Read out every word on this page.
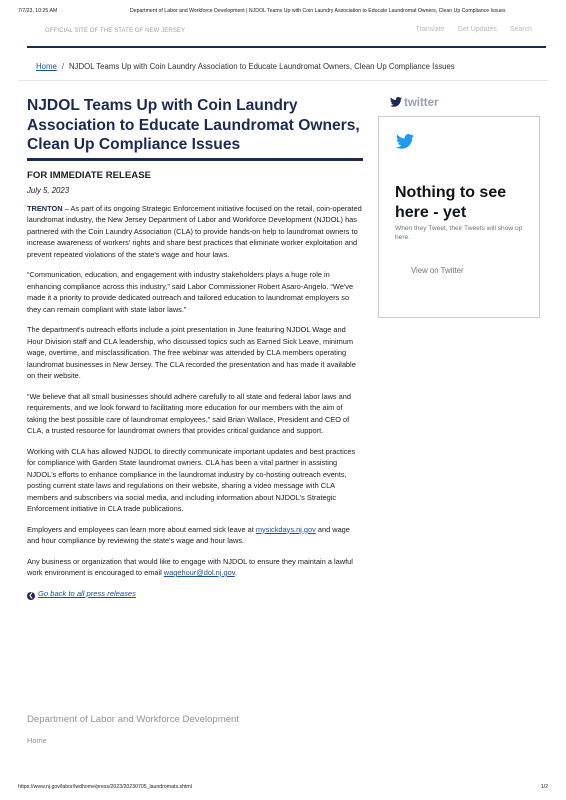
7/7/23, 10:25 AM	Department of Labor and Workforce Development | NJDOL Teams Up with Coin Laundry Association to Educate Laundromat Owners, Clean Up Compliance Issues
OFFICIAL SITE OF THE STATE OF NEW JERSEY	Translate Get Updates Search
Home / NJDOL Teams Up with Coin Laundry Association to Educate Laundromat Owners, Clean Up Compliance Issues
NJDOL Teams Up with Coin Laundry Association to Educate Laundromat Owners, Clean Up Compliance Issues
FOR IMMEDIATE RELEASE
July 5, 2023

TRENTON – As part of its ongoing Strategic Enforcement initiative focused on the retail, coin-operated laundromat industry, the New Jersey Department of Labor and Workforce Development (NJDOL) has partnered with the Coin Laundry Association (CLA) to provide hands-on help to laundromat owners to increase awareness of workers' rights and share best practices that eliminate worker exploitation and prevent repeated violations of the state's wage and hour laws.

“Communication, education, and engagement with industry stakeholders plays a huge role in enhancing compliance across this industry,” said Labor Commissioner Robert Asaro-Angelo. “We've made it a priority to provide dedicated outreach and tailored education to laundromat employers so they can remain compliant with state labor laws.”

The department's outreach efforts include a joint presentation in June featuring NJDOL Wage and Hour Division staff and CLA leadership, who discussed topics such as Earned Sick Leave, minimum wage, overtime, and misclassification. The free webinar was attended by CLA members operating laundromat businesses in New Jersey. The CLA recorded the presentation and has made it available on their website.

“We believe that all small businesses should adhere carefully to all state and federal labor laws and requirements, and we look forward to facilitating more education for our members with the aim of taking the best possible care of laundromat employees,” said Brian Wallace, President and CEO of CLA, a trusted resource for laundromat owners that provides critical guidance and support.

Working with CLA has allowed NJDOL to directly communicate important updates and best practices for compliance with Garden State laundromat owners. CLA has been a vital partner in assisting NJDOL's efforts to enhance compliance in the laundromat industry by co-hosting outreach events, posting current state laws and regulations on their website, sharing a video message with CLA members and subscribers via social media, and including information about NJDOL's Strategic Enforcement initiative in CLA trade publications.

Employers and employees can learn more about earned sick leave at mysickdays.nj.gov and wage and hour compliance by reviewing the state's wage and hour laws.

Any business or organization that would like to engage with NJDOL to ensure they maintain a lawful work environment is encouraged to email wagehour@dol.nj.gov.

❮ Go back to all press releases
twitter
Nothing to see here - yet
When they Tweet, their Tweets will show up here.
View on Twitter
Department of Labor and Workforce Development
Home
https://www.nj.gov/labor/lwdhome/press/2023/20230705_laundromats.shtml	1/2
